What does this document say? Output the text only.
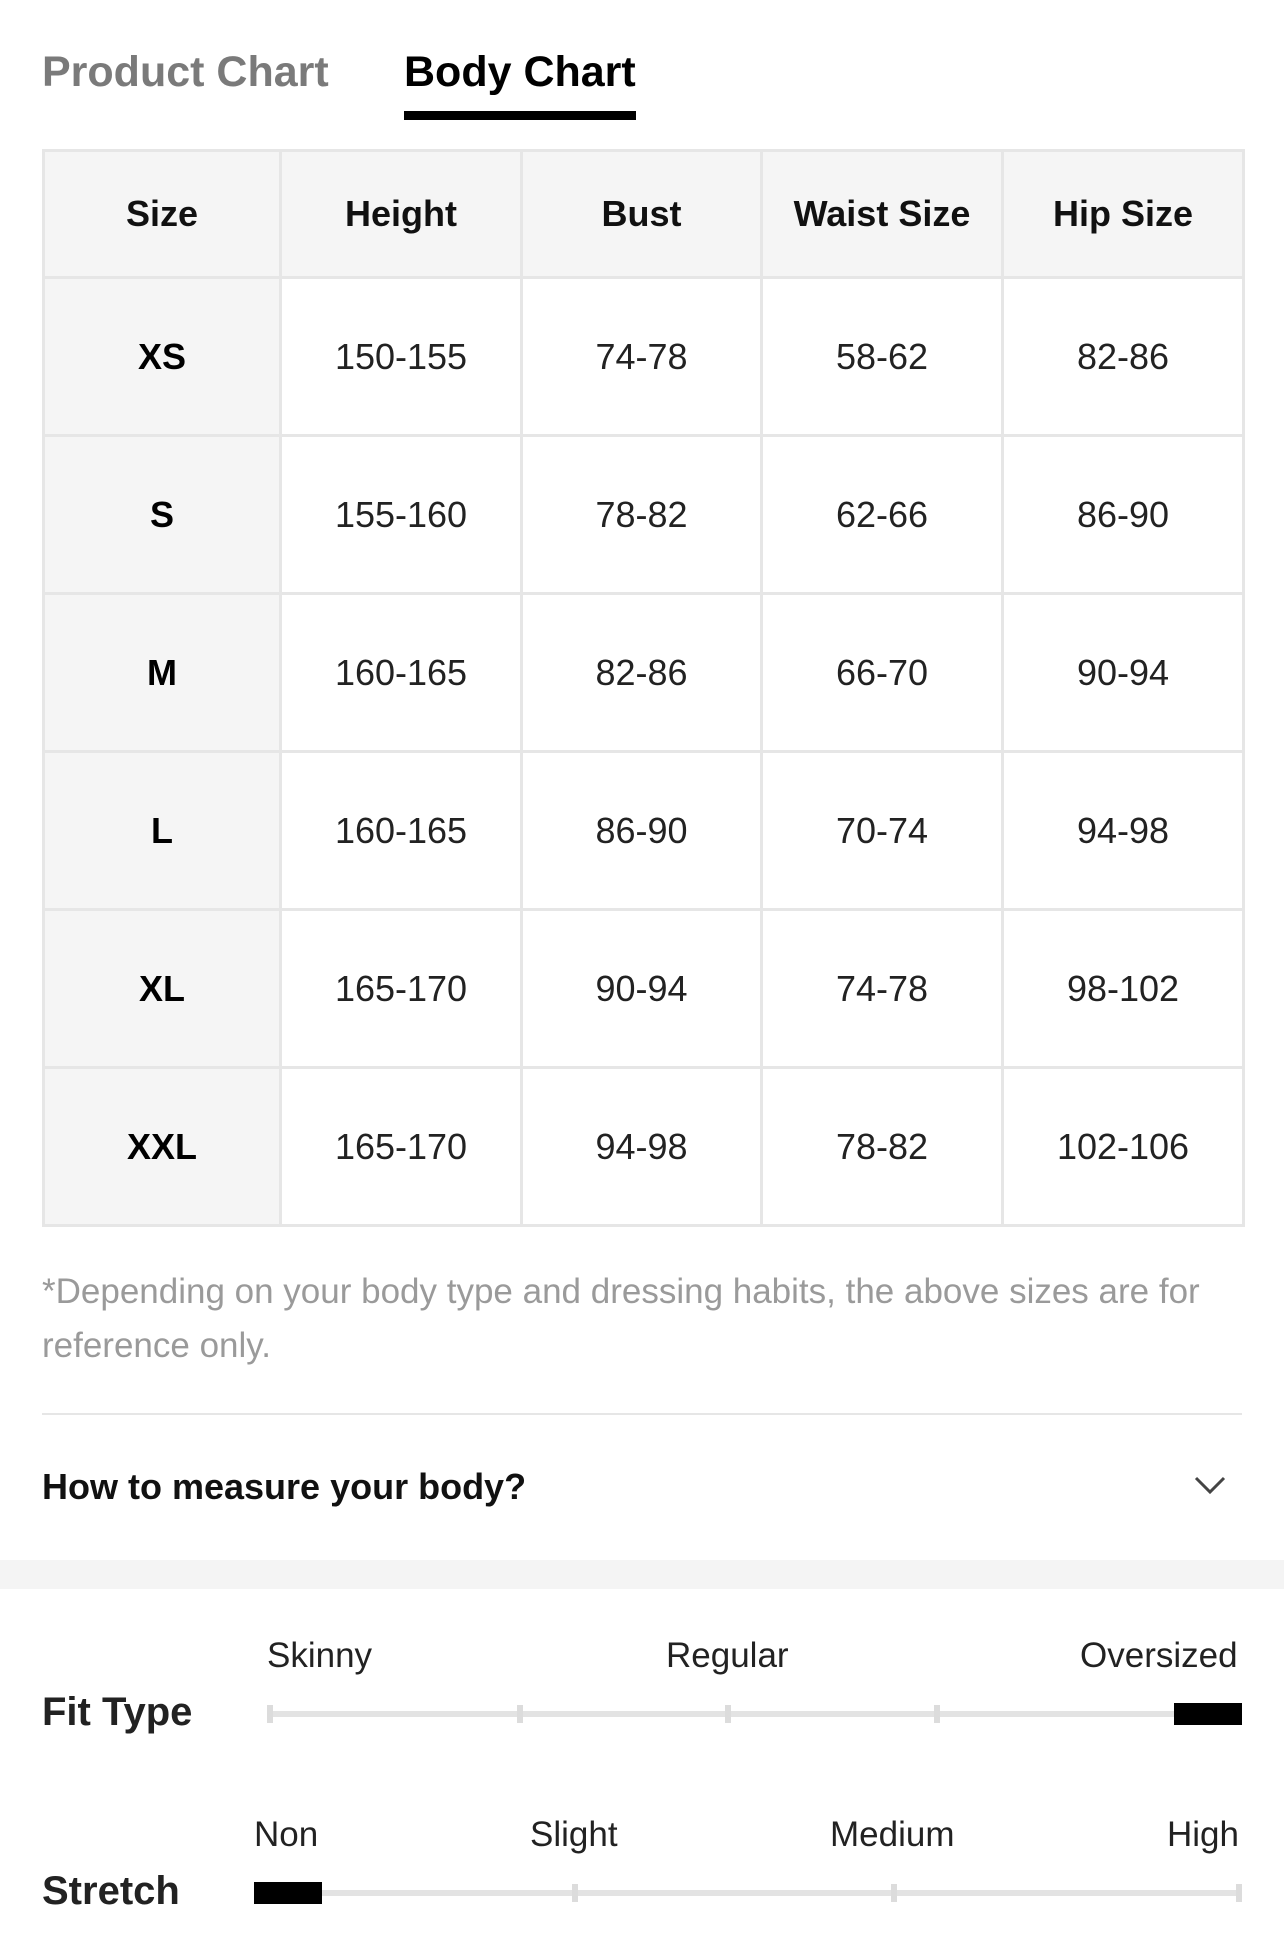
Product Chart Body Chart
Size	Height	Bust	Waist Size	Hip Size
XS	150-155	74-78	58-62	82-86
S	155-160	78-82	62-66	86-90
M	160-165	82-86	66-70	90-94
L	160-165	86-90	70-74	94-98
XL	165-170	90-94	74-78	98-102
XXL	165-170	94-98	78-82	102-106
*Depending on your body type and dressing habits, the above sizes are for reference only.
How to measure your body?
Fit Type
Skinny	Regular	Oversized
Stretch
Non	Slight	Medium	High
